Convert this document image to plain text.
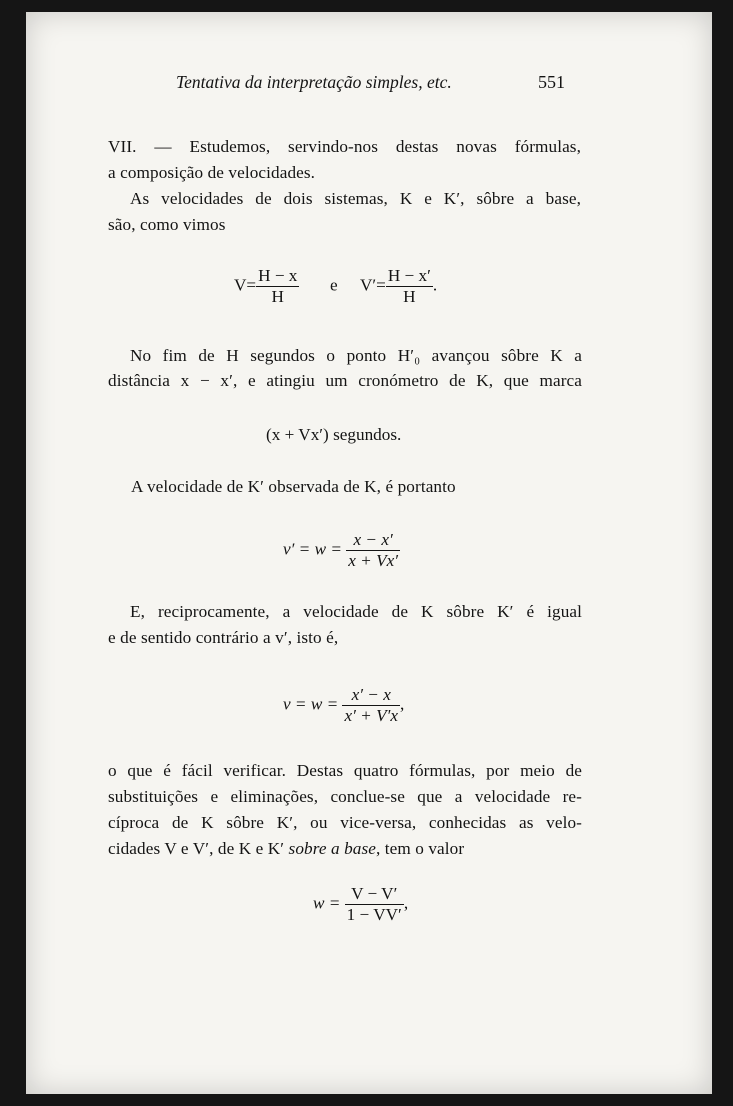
Tentativa da interpretação simples, etc.	551
VII. — Estudemos, servindo-nos destas novas fórmulas,
a composição de velocidades.
As velocidades de dois sistemas, K e K′, sôbre a base,
são, como vimos
$V= \frac{H - x}{H}$ e $V'= \frac{H - x'}{H}$ .
No fim de H segundos o ponto H′₀ avançou sôbre K a
distância x − x′, e atingiu um cronómetro de K, que marca
(x + Vx′) segundos.
A velocidade de K′ observada de K, é portanto
$v' = w = \frac{x - x'}{x + Vx'}$
E, reciprocamente, a velocidade de K sôbre K′ é igual
e de sentido contrário a v′, isto é,
$v = w = \frac{x' - x}{x' + V'x}$ ,
o que é fácil verificar. Destas quatro fórmulas, por meio de
substituições e eliminações, conclue-se que a velocidade re-
cíproca de K sôbre K′, ou vice-versa, conhecidas as velo-
cidades V e V′, de K e K′ sobre a base, tem o valor
$w = \frac{V - V'}{1 - VV'}$ ,
